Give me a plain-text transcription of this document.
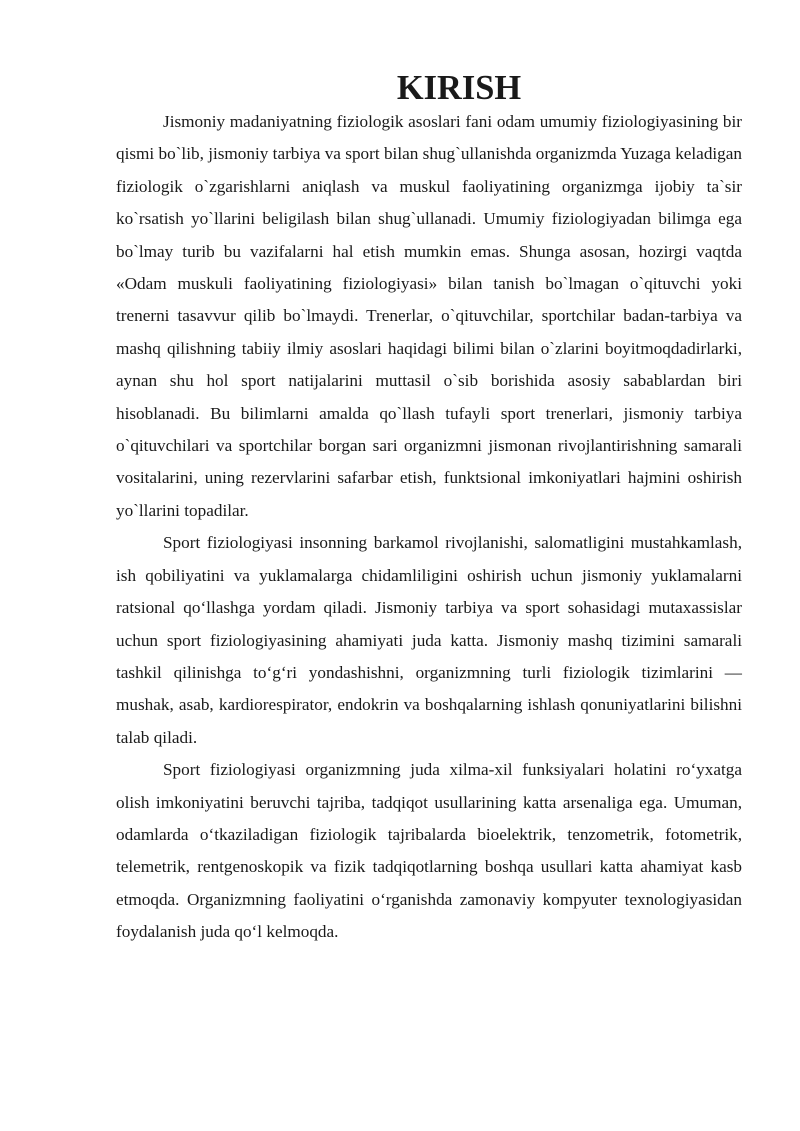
KIRISH

Jismoniy madaniyatning fiziologik asoslari fani odam umumiy fiziologiyasining bir qismi bo`lib, jismoniy tarbiya va sport bilan shug`ullanishda organizmda Yuzaga keladigan fiziologik o`zgarishlarni aniqlash va muskul faoliyatining organizmga ijobiy ta`sir ko`rsatish yo`llarini beligilash bilan shug`ullanadi. Umumiy fiziologiyadan bilimga ega bo`lmay turib bu vazifalarni hal etish mumkin emas. Shunga asosan, hozirgi vaqtda «Odam muskuli faoliyatining fiziologiyasi» bilan tanish bo`lmagan o`qituvchi yoki trenerni tasavvur qilib bo`lmaydi. Trenerlar, o`qituvchilar, sportchilar badan-tarbiya va mashq qilishning tabiiy ilmiy asoslari haqidagi bilimi bilan o`zlarini boyitmoqdadirlarki, aynan shu hol sport natijalarini muttasil o`sib borishida asosiy sabablardan biri hisoblanadi. Bu bilimlarni amalda qo`llash tufayli sport trenerlari, jismoniy tarbiya o`qituvchilari va sportchilar borgan sari organizmni jismonan rivojlantirishning samarali vositalarini, uning rezervlarini safarbar etish, funktsional imkoniyatlari hajmini oshirish yo`llarini topadilar.

Sport fiziologiyasi insonning barkamol rivojlanishi, salomatligini mustahkamlash, ish qobiliyatini va yuklamalarga chidamliligini oshirish uchun jismoniy yuklamalarni ratsional qo‘llashga yordam qiladi. Jismoniy tarbiya va sport sohasidagi mutaxassislar uchun sport fiziologiyasining ahamiyati juda katta. Jismoniy mashq tizimini samarali tashkil qilinishga to‘g‘ri yondashishni, organizmning turli fiziologik tizimlarini — mushak, asab, kardiorespirator, endokrin va boshqalarning ishlash qonuniyatlarini bilishni talab qiladi.

Sport fiziologiyasi organizmning juda xilma-xil funksiyalari holatini ro‘yxatga olish imkoniyatini beruvchi tajriba, tadqiqot usullarining katta arsenaliga ega. Umuman, odamlarda o‘tkaziladigan fiziologik tajribalarda bioelektrik, tenzometrik, fotometrik, telemetrik, rentgenoskopik va fizik tadqiqotlarning boshqa usullari katta ahamiyat kasb etmoqda. Organizmning faoliyatini o‘rganishda zamonaviy kompyuter texnologiyasidan foydalanish juda qo‘l kelmoqda.
